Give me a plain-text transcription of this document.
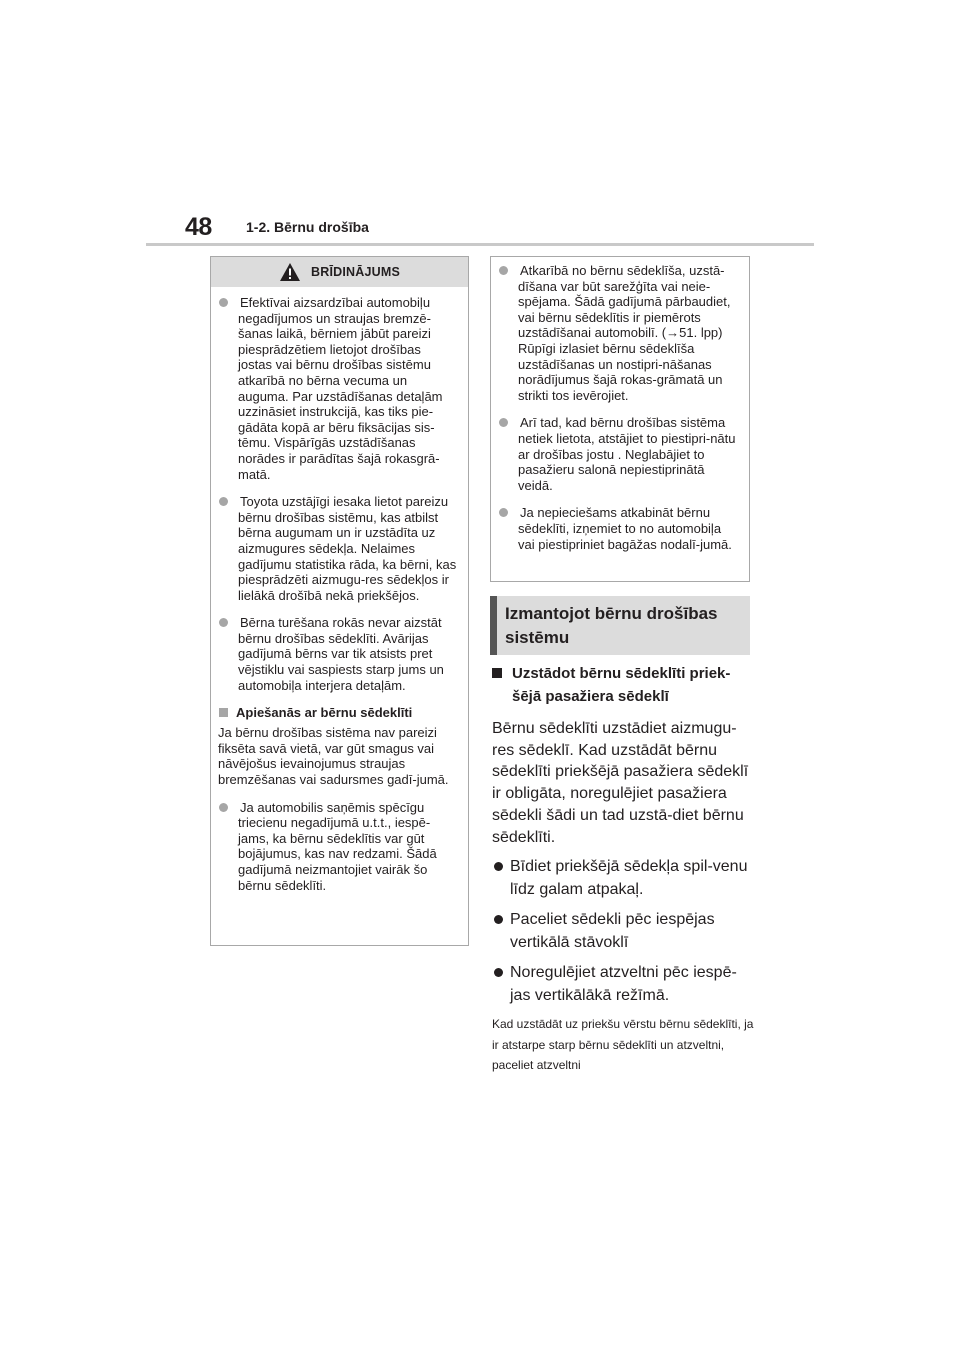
48 1-2. Bērnu drošība
BRĪDINĀJUMS
Efektīvai aizsardzībai automobiļu negadījumos un straujas bremzē-šanas laikā, bērniem jābūt pareizi piesprādzētiem lietojot drošības jostas vai bērnu drošības sistēmu atkarībā no bērna vecuma un auguma. Par uzstādīšanas detaļām uzzināsiet instrukcijā, kas tiks pie-gādāta kopā ar bēru fiksācijas sis-tēmu. Vispārīgās uzstādīšanas norādes ir parādītas šajā rokasgrā-matā.
Toyota uzstājīgi iesaka lietot pareizu bērnu drošības sistēmu, kas atbilst bērna augumam un ir uzstādīta uz aizmugures sēdekļa. Nelaimes gadījumu statistika rāda, ka bērni, kas piesprādzēti aizmugu-res sēdekļos ir lielākā drošībā nekā priekšējos.
Bērna turēšana rokās nevar aizstāt bērnu drošības sēdeklīti. Avārijas gadījumā bērns var tik atsists pret vējstiklu vai saspiests starp jums un automobiļa interjera detaļām.
Apiešanās ar bērnu sēdeklīti
Ja bērnu drošības sistēma nav pareizi fiksēta savā vietā, var gūt smagus vai nāvējošus ievainojumus straujas bremzēšanas vai sadursmes gadī-jumā.
Ja automobilis saņēmis spēcīgu triecienu negadījumā u.t.t., iespē-jams, ka bērnu sēdeklītis var gūt bojājumus, kas nav redzami. Šādā gadījumā neizmantojiet vairāk šo bērnu sēdeklīti.
Atkarībā no bērnu sēdeklīša, uzstā-dīšana var būt sarežģīta vai neie-spējama. Šādā gadījumā pārbaudiet, vai bērnu sēdeklītis ir piemērots uzstādīšanai automobilī. (→51. lpp) Rūpīgi izlasiet bērnu sēdeklīša uzstādīšanas un nostipri-nāšanas norādījumus šajā rokas-grāmatā un strikti tos ievērojiet.
Arī tad, kad bērnu drošības sistēma netiek lietota, atstājiet to piestipri-nātu ar drošības jostu . Neglabājiet to pasažieru salonā nepiestiprinātā veidā.
Ja nepieciešams atkabināt bērnu sēdeklīti, izņemiet to no automobiļa vai piestipriniet bagāžas nodalī-jumā.
Izmantojot bērnu drošības
sistēmu
Uzstādot bērnu sēdeklīti priek-šējā pasažiera sēdeklī
Bērnu sēdeklīti uzstādiet aizmugu-res sēdeklī. Kad uzstādāt bērnu sēdeklīti priekšējā pasažiera sēdeklī ir obligāta, noregulējiet pasažiera sēdekli šādi un tad uzstā-diet bērnu sēdeklīti.
Bīdiet priekšējā sēdekļa spil-venu līdz galam atpakaļ.
Paceliet sēdekli pēc iespējas vertikālā stāvoklī
Noregulējiet atzveltni pēc iespē-jas vertikālākā režīmā.
Kad uzstādāt uz priekšu vērstu bērnu sēdeklīti, ja ir atstarpe starp bērnu sēdeklīti un atzveltni, paceliet atzveltni
